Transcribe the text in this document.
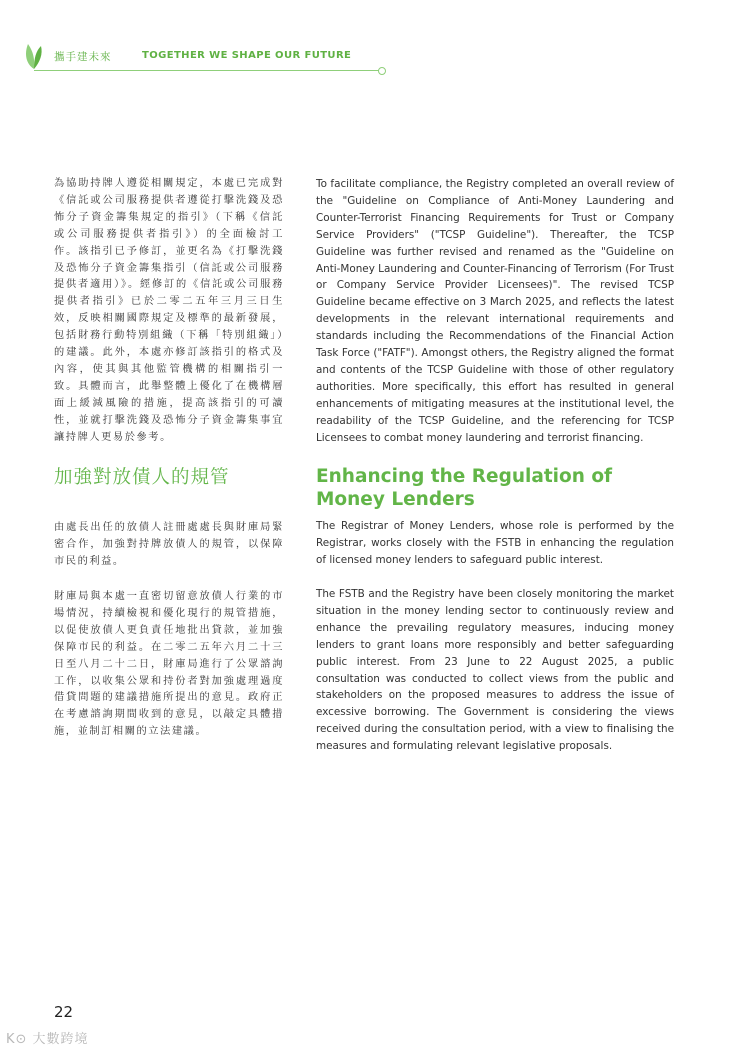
攜手建未來	TOGETHER WE SHAPE OUR FUTURE

為協助持牌人遵從相關規定，本處已完成對《信託或公司服務提供者遵從打擊洗錢及恐怖分子資金籌集規定的指引》（下稱《信託或公司服務提供者指引》）的全面檢討工作。該指引已予修訂，並更名為《打擊洗錢及恐怖分子資金籌集指引（信託或公司服務提供者適用）》。經修訂的《信託或公司服務提供者指引》已於二零二五年三月三日生效，反映相關國際規定及標準的最新發展，包括財務行動特別組織（下稱「特別組織」）的建議。此外，本處亦修訂該指引的格式及內容，使其與其他監管機構的相關指引一致。具體而言，此舉整體上優化了在機構層面上緩減風險的措施，提高該指引的可讀性，並就打擊洗錢及恐怖分子資金籌集事宜讓持牌人更易於參考。

加強對放債人的規管

由處長出任的放債人註冊處處長與財庫局緊密合作，加強對持牌放債人的規管，以保障市民的利益。

財庫局與本處一直密切留意放債人行業的市場情況，持續檢視和優化現行的規管措施，以促使放債人更負責任地批出貸款，並加強保障市民的利益。在二零二五年六月二十三日至八月二十二日，財庫局進行了公眾諮詢工作，以收集公眾和持份者對加強處理過度借貸問題的建議措施所提出的意見。政府正在考慮諮詢期間收到的意見，以敲定具體措施，並制訂相關的立法建議。

To facilitate compliance, the Registry completed an overall review of the "Guideline on Compliance of Anti-Money Laundering and Counter-Terrorist Financing Requirements for Trust or Company Service Providers" ("TCSP Guideline"). Thereafter, the TCSP Guideline was further revised and renamed as the "Guideline on Anti-Money Laundering and Counter-Financing of Terrorism (For Trust or Company Service Provider Licensees)". The revised TCSP Guideline became effective on 3 March 2025, and reflects the latest developments in the relevant international requirements and standards including the Recommendations of the Financial Action Task Force ("FATF"). Amongst others, the Registry aligned the format and contents of the TCSP Guideline with those of other regulatory authorities. More specifically, this effort has resulted in general enhancements of mitigating measures at the institutional level, the readability of the TCSP Guideline, and the referencing for TCSP Licensees to combat money laundering and terrorist financing.

Enhancing the Regulation of Money Lenders

The Registrar of Money Lenders, whose role is performed by the Registrar, works closely with the FSTB in enhancing the regulation of licensed money lenders to safeguard public interest.

The FSTB and the Registry have been closely monitoring the market situation in the money lending sector to continuously review and enhance the prevailing regulatory measures, inducing money lenders to grant loans more responsibly and better safeguarding public interest. From 23 June to 22 August 2025, a public consultation was conducted to collect views from the public and stakeholders on the proposed measures to address the issue of excessive borrowing. The Government is considering the views received during the consultation period, with a view to finalising the measures and formulating relevant legislative proposals.

22
K⊙ 大數跨境
